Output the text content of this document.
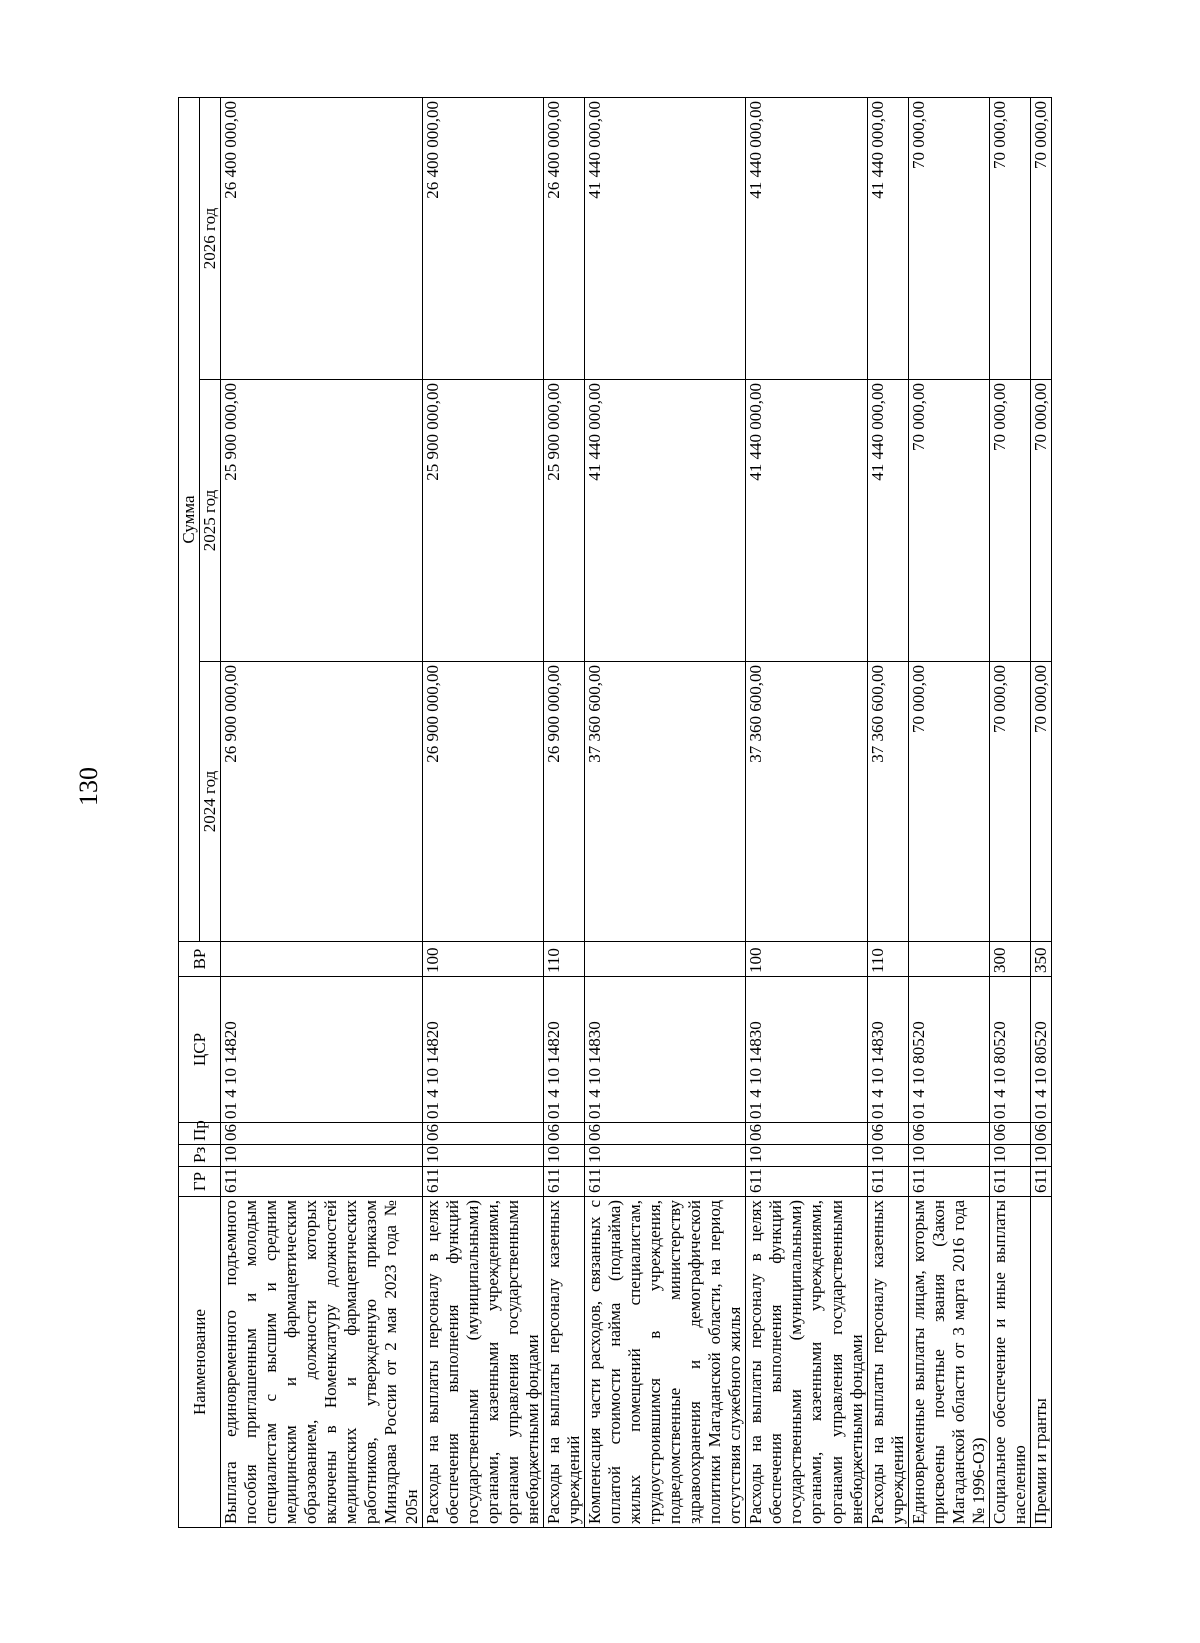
130
Наименование	ГР	Рз	Пр	ЦСР	ВР	Сумма		
						2024 год	2025 год	2026 год
Выплата единовременного подъемного пособия приглашенным и молодым специалистам с высшим и средним медицинским и фармацевтическим образованием, должности которых включены в Номенклатуру должностей медицинских и фармацевтических работников, утвержденную приказом Минздрава России от 2 мая 2023 года № 205н	611	10	06	01 4 10 14820		26 900 000,00	25 900 000,00	26 400 000,00
Расходы на выплаты персоналу в целях обеспечения выполнения функций государственными (муниципальными) органами, казенными учреждениями, органами управления государственными внебюджетными фондами	611	10	06	01 4 10 14820	100	26 900 000,00	25 900 000,00	26 400 000,00
Расходы на выплаты персоналу казенных учреждений	611	10	06	01 4 10 14820	110	26 900 000,00	25 900 000,00	26 400 000,00
Компенсация части расходов, связанных с оплатой стоимости найма (поднайма) жилых помещений специалистам, трудоустроившимся в учреждения, подведомственные министерству здравоохранения и демографической политики Магаданской области, на период отсутствия служебного жилья	611	10	06	01 4 10 14830		37 360 600,00	41 440 000,00	41 440 000,00
Расходы на выплаты персоналу в целях обеспечения выполнения функций государственными (муниципальными) органами, казенными учреждениями, органами управления государственными внебюджетными фондами	611	10	06	01 4 10 14830	100	37 360 600,00	41 440 000,00	41 440 000,00
Расходы на выплаты персоналу казенных учреждений	611	10	06	01 4 10 14830	110	37 360 600,00	41 440 000,00	41 440 000,00
Единовременные выплаты лицам, которым присвоены почетные звания (Закон Магаданской области от 3 марта 2016 года № 1996-ОЗ)	611	10	06	01 4 10 80520		70 000,00	70 000,00	70 000,00
Социальное обеспечение и иные выплаты населению	611	10	06	01 4 10 80520	300	70 000,00	70 000,00	70 000,00
Премии и гранты	611	10	06	01 4 10 80520	350	70 000,00	70 000,00	70 000,00
